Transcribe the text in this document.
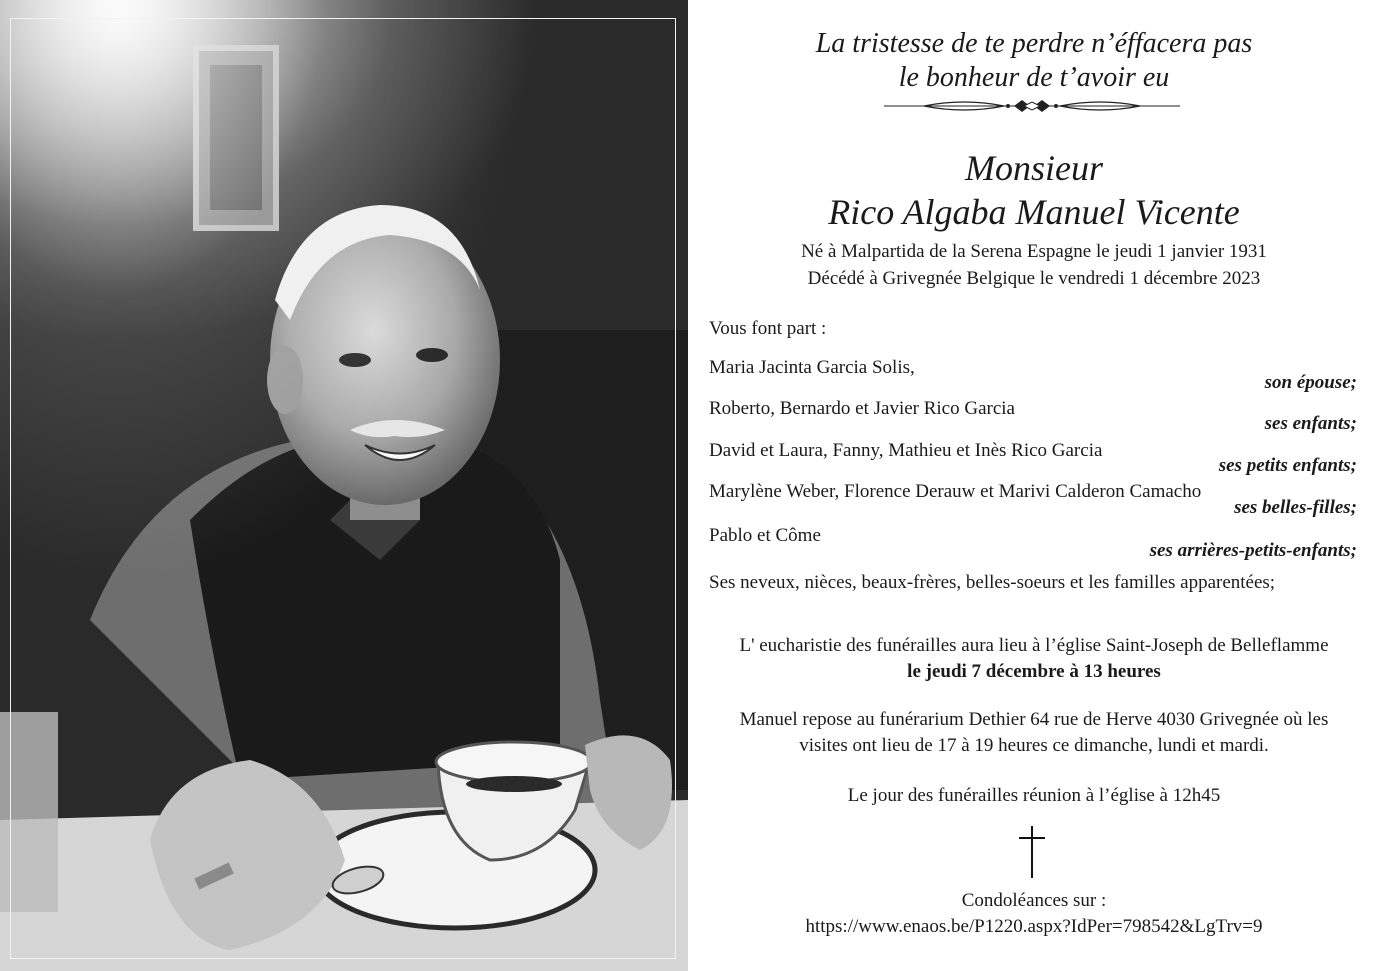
La tristesse de te perdre n’éffacera pas
le bonheur de t’avoir eu
Monsieur
Rico Algaba Manuel Vicente
Né à Malpartida de la Serena Espagne le jeudi 1 janvier 1931
Décédé à Grivegnée Belgique le vendredi 1 décembre 2023
Vous font part :
Maria Jacinta Garcia Solis,
son épouse;
Roberto, Bernardo et Javier Rico Garcia
ses enfants;
David et Laura, Fanny, Mathieu et Inès Rico Garcia
ses petits enfants;
Marylène Weber, Florence Derauw et Marivi Calderon Camacho
ses belles-filles;
Pablo et Côme
ses arrières-petits-enfants;
Ses neveux, nièces, beaux-frères, belles-soeurs et les familles apparentées;
L' eucharistie des funérailles aura lieu à l’église Saint-Joseph de Belleflamme
le jeudi 7 décembre à 13 heures
Manuel repose au funérarium Dethier 64 rue de Herve 4030 Grivegnée où les
visites ont lieu de 17 à 19 heures ce dimanche, lundi et mardi.
Le jour des funérailles réunion à l’église à 12h45
Condoléances sur :
https://www.enaos.be/P1220.aspx?IdPer=798542&LgTrv=9
